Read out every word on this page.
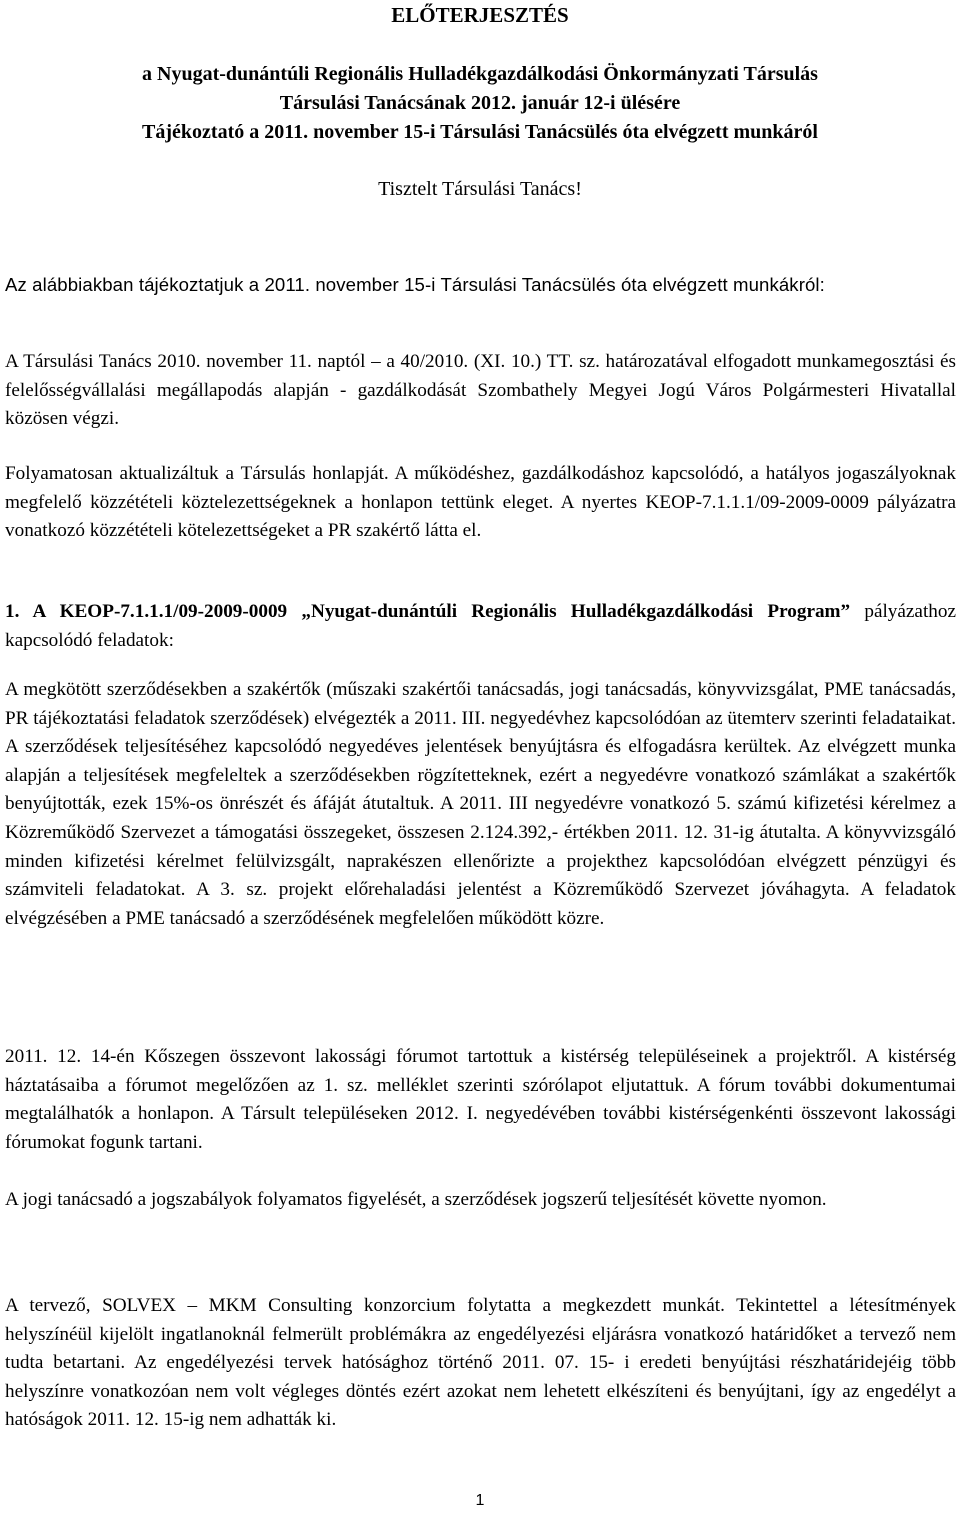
ELŐTERJESZTÉS
a Nyugat-dunántúli Regionális Hulladékgazdálkodási Önkormányzati Társulás
Társulási Tanácsának 2012. január 12-i ülésére
Tájékoztató a 2011. november 15-i Társulási Tanácsülés óta elvégzett munkáról
Tisztelt Társulási Tanács!
Az alábbiakban tájékoztatjuk a 2011. november 15-i Társulási Tanácsülés óta elvégzett munkákról:
A Társulási Tanács 2010. november 11. naptól – a 40/2010. (XI. 10.) TT. sz. határozatával elfogadott munkamegosztási és felelősségvállalási megállapodás alapján - gazdálkodását Szombathely Megyei Jogú Város Polgármesteri Hivatallal közösen végzi.
Folyamatosan aktualizáltuk a Társulás honlapját. A működéshez, gazdálkodáshoz kapcsolódó, a hatályos jogaszályoknak megfelelő közzétételi köztelezettségeknek a honlapon tettünk eleget. A nyertes KEOP-7.1.1.1/09-2009-0009 pályázatra vonatkozó közzétételi kötelezettségeket a PR szakértő látta el.
1. A KEOP-7.1.1.1/09-2009-0009 „Nyugat-dunántúli Regionális Hulladékgazdálkodási Program” pályázathoz kapcsolódó feladatok:
A megkötött szerződésekben a szakértők (műszaki szakértői tanácsadás, jogi tanácsadás, könyvvizsgálat, PME tanácsadás, PR tájékoztatási feladatok szerződések) elvégezték a 2011. III. negyedévhez kapcsolódóan az ütemterv szerinti feladataikat. A szerződések teljesítéséhez kapcsolódó negyedéves jelentések benyújtásra és elfogadásra kerültek. Az elvégzett munka alapján a teljesítések megfeleltek a szerződésekben rögzítetteknek, ezért a negyedévre vonatkozó számlákat a szakértők benyújtották, ezek 15%-os önrészét és áfáját átutaltuk. A 2011. III negyedévre vonatkozó 5. számú kifizetési kérelmez a Közreműködő Szervezet a támogatási összegeket, összesen 2.124.392,- értékben 2011. 12. 31-ig átutalta. A könyvvizsgáló minden kifizetési kérelmet felülvizsgált, naprakészen ellenőrizte a projekthez kapcsolódóan elvégzett pénzügyi és számviteli feladatokat. A 3. sz. projekt előrehaladási jelentést a Közreműködő Szervezet jóváhagyta. A feladatok elvégzésében a PME tanácsadó a szerződésének megfelelően működött közre.
2011. 12. 14-én Kőszegen összevont lakossági fórumot tartottuk a kistérség településeinek a projektről. A kistérség háztatásaiba a fórumot megelőzően az 1. sz. melléklet szerinti szórólapot eljutattuk. A fórum további dokumentumai megtalálhatók a honlapon. A Társult településeken 2012. I. negyedévében további kistérségenkénti összevont lakossági fórumokat fogunk tartani.
A jogi tanácsadó a jogszabályok folyamatos figyelését, a szerződések jogszerű teljesítését követte nyomon.
A tervező, SOLVEX – MKM Consulting konzorcium folytatta a megkezdett munkát. Tekintettel a létesítmények helyszínéül kijelölt ingatlanoknál felmerült problémákra az engedélyezési eljárásra vonatkozó határidőket a tervező nem tudta betartani. Az engedélyezési tervek hatósághoz történő 2011. 07. 15- i eredeti benyújtási részhatáridejéig több helyszínre vonatkozóan nem volt végleges döntés ezért azokat nem lehetett elkészíteni és benyújtani, így az engedélyt a hatóságok 2011. 12. 15-ig nem adhatták ki.
1
